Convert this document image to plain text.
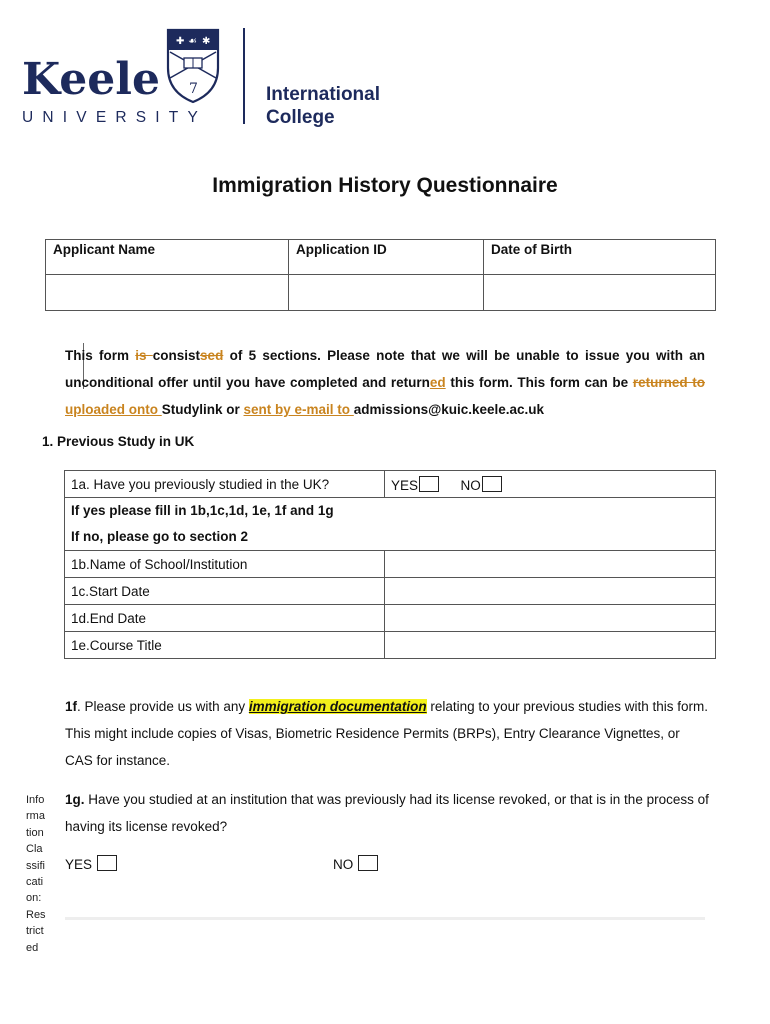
Keele
UNIVERSITY
✚ ☙ ✱
7	International
College
Immigration History Questionnaire
Applicant Name	Application ID	Date of Birth

This form is consistsed of 5 sections. Please note that we will be unable to issue you with an unconditional offer until you have completed and returned this form. This form can be returned to uploaded onto Studylink or sent by e-mail to admissions@kuic.keele.ac.uk
1. Previous Study in UK
1a. Have you previously studied in the UK?	YES NO

If yes please fill in 1b,1c,1d, 1e, 1f and 1g
If no, please go to section 2	

1b.Name of School/Institution	
1c.Start Date	
1d.End Date	
1e.Course Title	
1f. Please provide us with any immigration documentation relating to your previous studies with this form. This might include copies of Visas, Biometric Residence Permits (BRPs), Entry Clearance Vignettes, or CAS for instance.
1g. Have you studied at an institution that was previously had its license revoked, or that is in the process of having its license revoked?
YES	NO
Information Classification: Restricted
